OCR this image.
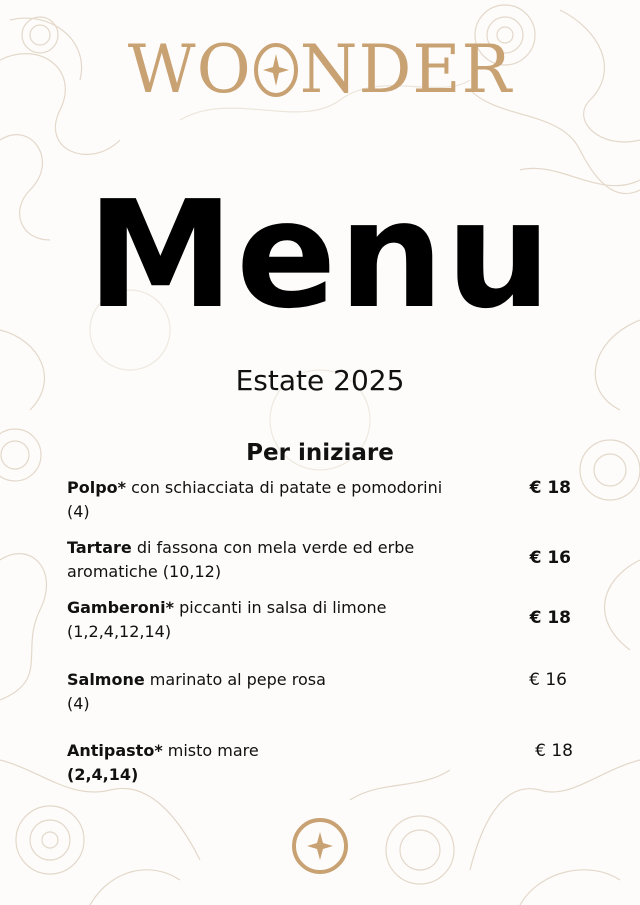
WO NDER
Menu
Estate 2025
Per iniziare
Polpo* con schiacciata di patate e pomodorini
(4)
€ 18
Tartare di fassona con mela verde ed erbe aromatiche (10,12)
€ 16
Gamberoni* piccanti in salsa di limone
(1,2,4,12,14)
€ 18
Salmone marinato al pepe rosa
(4)
€ 16
Antipasto* misto mare
(2,4,14)
€ 18
